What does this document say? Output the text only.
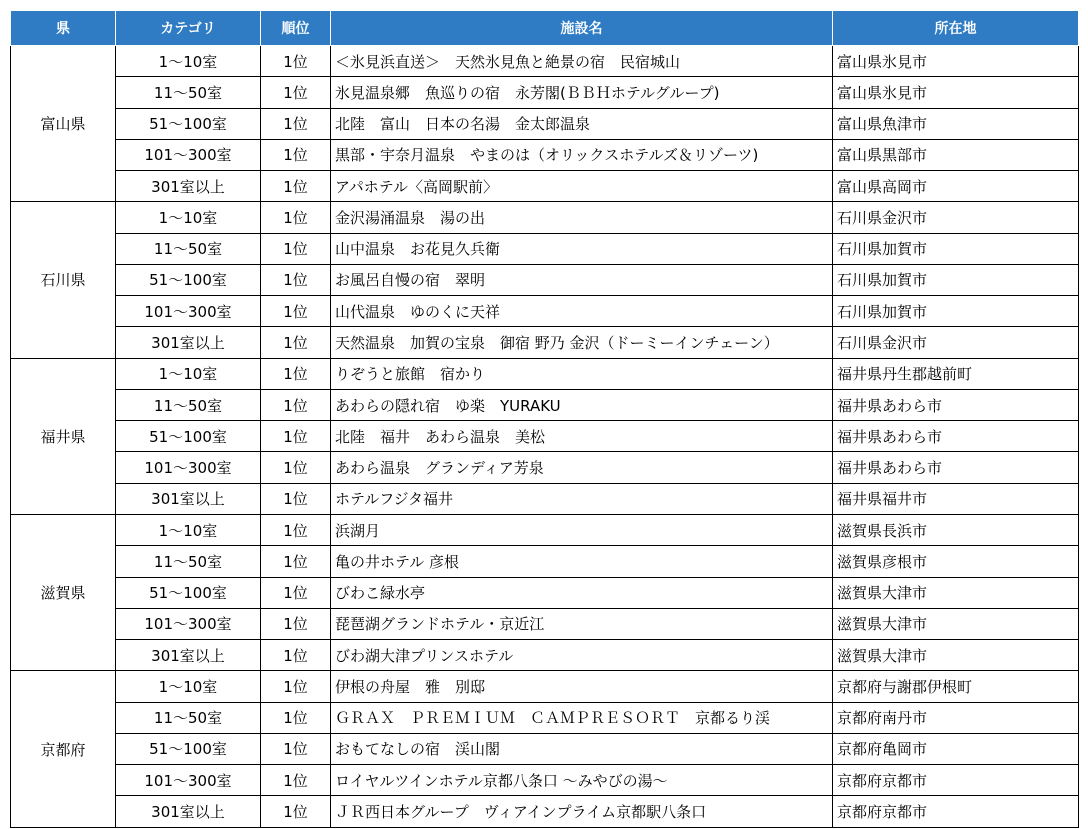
県	カテゴリ	順位	施設名	所在地
富山県	1～10室	1位	＜氷見浜直送＞　天然氷見魚と絶景の宿　民宿城山	富山県氷見市
	11～50室	1位	氷見温泉郷　魚巡りの宿　永芳閣(ＢＢＨホテルグループ)	富山県氷見市
	51～100室	1位	北陸　富山　日本の名湯　金太郎温泉	富山県魚津市
	101～300室	1位	黒部・宇奈月温泉　やまのは（オリックスホテルズ＆リゾーツ)	富山県黒部市
	301室以上	1位	アパホテル〈高岡駅前〉	富山県高岡市
石川県	1～10室	1位	金沢湯涌温泉　湯の出	石川県金沢市
	11～50室	1位	山中温泉　お花見久兵衛	石川県加賀市
	51～100室	1位	お風呂自慢の宿　翠明	石川県加賀市
	101～300室	1位	山代温泉　ゆのくに天祥	石川県加賀市
	301室以上	1位	天然温泉　加賀の宝泉　御宿 野乃 金沢（ドーミーインチェーン）	石川県金沢市
福井県	1～10室	1位	りぞうと旅館　宿かり	福井県丹生郡越前町
	11～50室	1位	あわらの隠れ宿　ゆ楽　YURAKU	福井県あわら市
	51～100室	1位	北陸　福井　あわら温泉　美松	福井県あわら市
	101～300室	1位	あわら温泉　グランディア芳泉	福井県あわら市
	301室以上	1位	ホテルフジタ福井	福井県福井市
滋賀県	1～10室	1位	浜湖月	滋賀県長浜市
	11～50室	1位	亀の井ホテル 彦根	滋賀県彦根市
	51～100室	1位	びわこ緑水亭	滋賀県大津市
	101～300室	1位	琵琶湖グランドホテル・京近江	滋賀県大津市
	301室以上	1位	びわ湖大津プリンスホテル	滋賀県大津市
京都府	1～10室	1位	伊根の舟屋　雅　別邸	京都府与謝郡伊根町
	11～50室	1位	ＧＲＡＸ　ＰＲＥＭＩＵＭ　ＣＡＭＰＲＥＳＯＲＴ　京都るり渓	京都府南丹市
	51～100室	1位	おもてなしの宿　渓山閣	京都府亀岡市
	101～300室	1位	ロイヤルツインホテル京都八条口 ～みやびの湯～	京都府京都市
	301室以上	1位	ＪＲ西日本グループ　ヴィアインプライム京都駅八条口	京都府京都市
